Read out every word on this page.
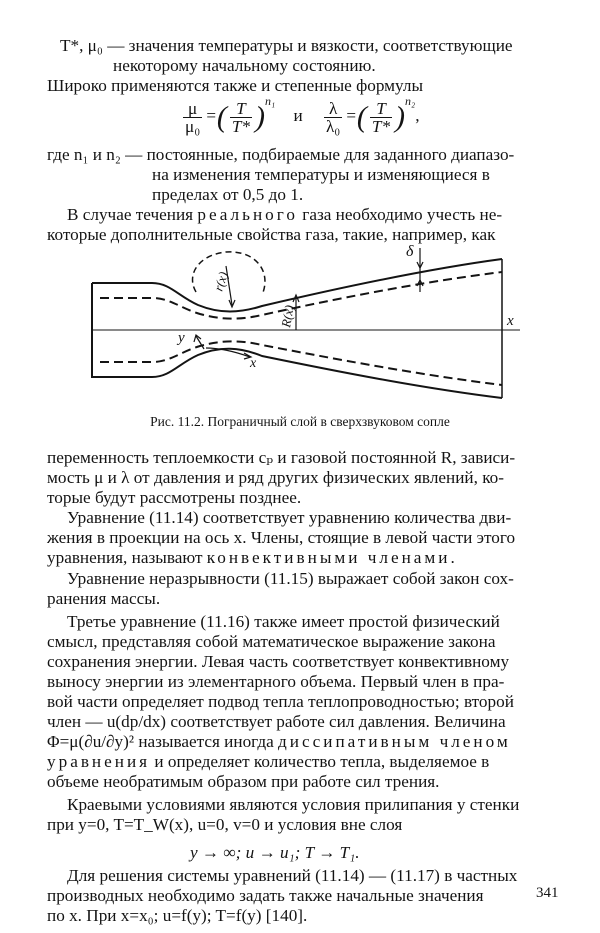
T*, μ₀ — значения температуры и вязкости, соответствующие
некоторому начальному состоянию.
Широко применяются также и степенные формулы
$\frac{\mu}{\text{μ₀}}$ =( $\frac{T}{T*} )^{n_1}$ и $\frac{\lambda}{\text{λ₀}}$ =( $\frac{T}{T*} )^{n_2}$,
где n₁ и n₂ — постоянные, подбираемые для заданного диапазо-
на изменения температуры и изменяющиеся в
пределах от 0,5 до 1.
В случае течения реального газа необходимо учесть не-
которые дополнительные свойства газа, такие, например, как
r(x)
R(x)
δ
x
y
x
Рис. 11.2. Пограничный слой в сверхзвуковом сопле
переменность теплоемкости cₚ и газовой постоянной R, зависи-
мость μ и λ от давления и ряд других физических явлений, ко-
торые будут рассмотрены позднее.
Уравнение (11.14) соответствует уравнению количества дви-
жения в проекции на ось x. Члены, стоящие в левой части этого
уравнения, называют конвективными членами.
Уравнение неразрывности (11.15) выражает собой закон сох-
ранения массы.
Третье уравнение (11.16) также имеет простой физический
смысл, представляя собой математическое выражение закона
сохранения энергии. Левая часть соответствует конвективному
выносу энергии из элементарного объема. Первый член в пра-
вой части определяет подвод тепла теплопроводностью; второй
член — u(dp/dx) соответствует работе сил давления. Величина
Φ=μ(∂u/∂y)² называется иногда диссипативным членом
уравнения и определяет количество тепла, выделяемое в
объеме необратимым образом при работе сил трения.
Краевыми условиями являются условия прилипания у стенки
при y=0, T=T_W(x), u=0, v=0 и условия вне слоя
y → ∞; u → u₁; T → T₁.
Для решения системы уравнений (11.14) — (11.17) в частных
производных необходимо задать также начальные значения
по x. При x=x₀; u=f(y); T=f(y) [140].
341
